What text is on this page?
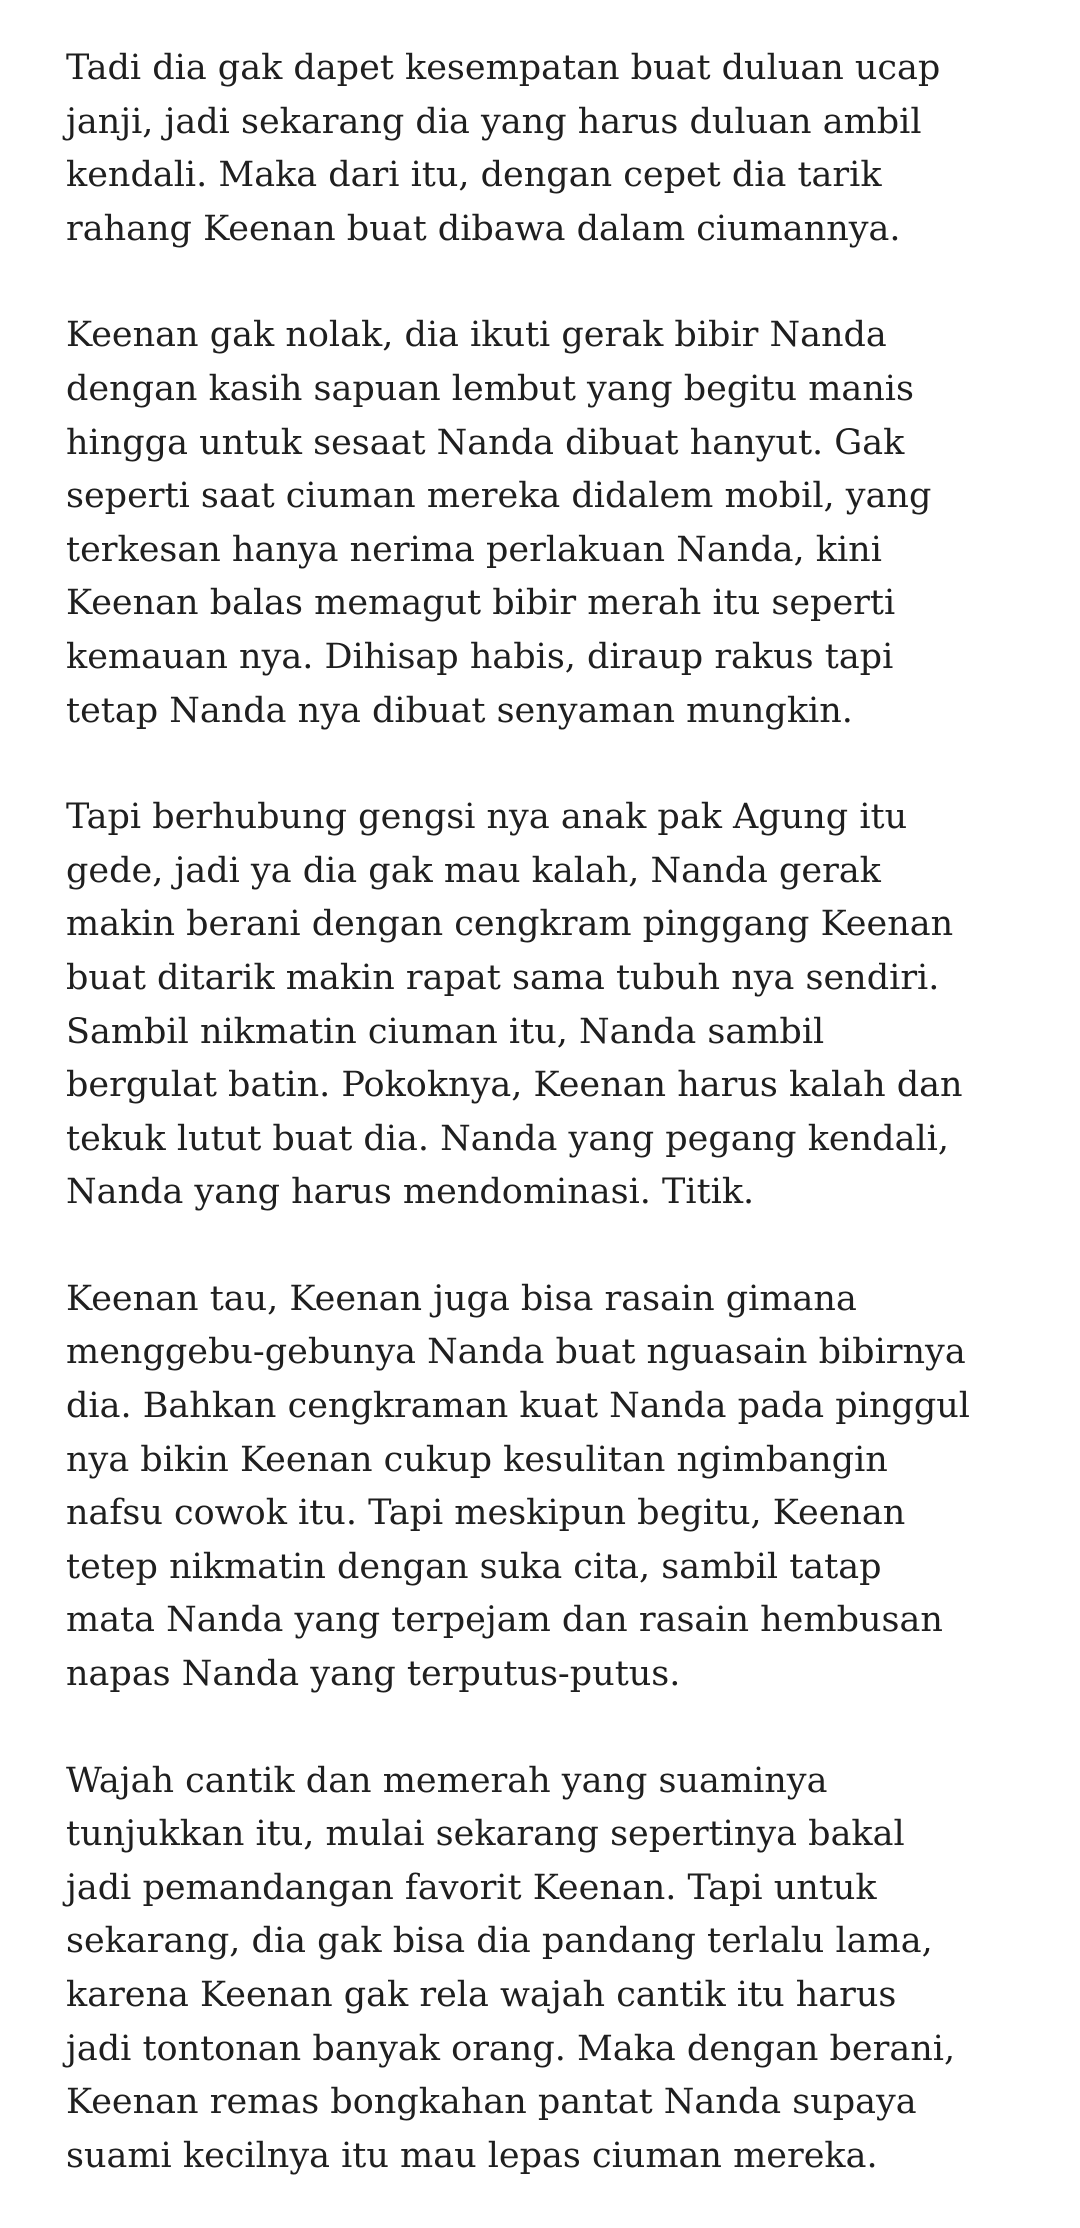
Tadi dia gak dapet kesempatan buat duluan ucap
janji, jadi sekarang dia yang harus duluan ambil
kendali. Maka dari itu, dengan cepet dia tarik
rahang Keenan buat dibawa dalam ciumannya.

Keenan gak nolak, dia ikuti gerak bibir Nanda
dengan kasih sapuan lembut yang begitu manis
hingga untuk sesaat Nanda dibuat hanyut. Gak
seperti saat ciuman mereka didalem mobil, yang
terkesan hanya nerima perlakuan Nanda, kini
Keenan balas memagut bibir merah itu seperti
kemauan nya. Dihisap habis, diraup rakus tapi
tetap Nanda nya dibuat senyaman mungkin.

Tapi berhubung gengsi nya anak pak Agung itu
gede, jadi ya dia gak mau kalah, Nanda gerak
makin berani dengan cengkram pinggang Keenan
buat ditarik makin rapat sama tubuh nya sendiri.
Sambil nikmatin ciuman itu, Nanda sambil
bergulat batin. Pokoknya, Keenan harus kalah dan
tekuk lutut buat dia. Nanda yang pegang kendali,
Nanda yang harus mendominasi. Titik.

Keenan tau, Keenan juga bisa rasain gimana
menggebu-gebunya Nanda buat nguasain bibirnya
dia. Bahkan cengkraman kuat Nanda pada pinggul
nya bikin Keenan cukup kesulitan ngimbangin
nafsu cowok itu. Tapi meskipun begitu, Keenan
tetep nikmatin dengan suka cita, sambil tatap
mata Nanda yang terpejam dan rasain hembusan
napas Nanda yang terputus-putus.

Wajah cantik dan memerah yang suaminya
tunjukkan itu, mulai sekarang sepertinya bakal
jadi pemandangan favorit Keenan. Tapi untuk
sekarang, dia gak bisa dia pandang terlalu lama,
karena Keenan gak rela wajah cantik itu harus
jadi tontonan banyak orang. Maka dengan berani,
Keenan remas bongkahan pantat Nanda supaya
suami kecilnya itu mau lepas ciuman mereka.
